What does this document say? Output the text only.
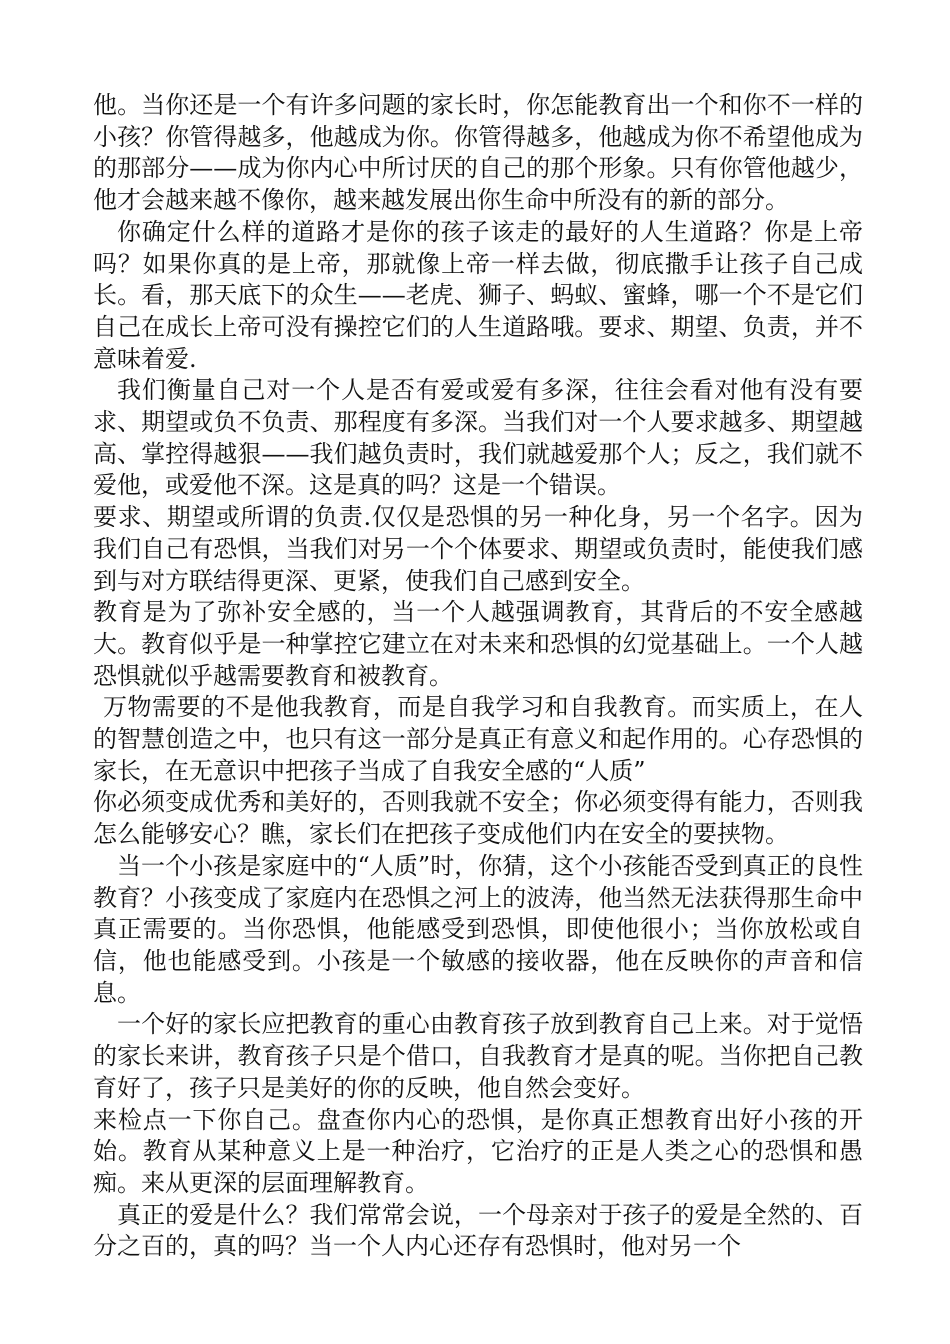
他。当你还是一个有许多问题的家长时，你怎能教育出一个和你不一样的小孩？你管得越多，他越成为你。你管得越多，他越成为你不希望他成为的那部分——成为你内心中所讨厌的自己的那个形象。只有你管他越少，他才会越来越不像你，越来越发展出你生命中所没有的新的部分。

你确定什么样的道路才是你的孩子该走的最好的人生道路？你是上帝吗？如果你真的是上帝，那就像上帝一样去做，彻底撒手让孩子自己成长。看，那天底下的众生——老虎、狮子、蚂蚁、蜜蜂，哪一个不是它们自己在成长上帝可没有操控它们的人生道路哦。要求、期望、负责，并不意味着爱.

我们衡量自己对一个人是否有爱或爱有多深，往往会看对他有没有要求、期望或负不负责、那程度有多深。当我们对一个人要求越多、期望越高、掌控得越狠——我们越负责时，我们就越爱那个人；反之，我们就不爱他，或爱他不深。这是真的吗？这是一个错误。

要求、期望或所谓的负责.仅仅是恐惧的另一种化身，另一个名字。因为我们自己有恐惧，当我们对另一个个体要求、期望或负责时，能使我们感到与对方联结得更深、更紧，使我们自己感到安全。

教育是为了弥补安全感的，当一个人越强调教育，其背后的不安全感越大。教育似乎是一种掌控它建立在对未来和恐惧的幻觉基础上。一个人越恐惧就似乎越需要教育和被教育。

万物需要的不是他我教育，而是自我学习和自我教育。而实质上，在人的智慧创造之中，也只有这一部分是真正有意义和起作用的。心存恐惧的家长，在无意识中把孩子当成了自我安全感的“人质”

你必须变成优秀和美好的，否则我就不安全；你必须变得有能力，否则我怎么能够安心？瞧，家长们在把孩子变成他们内在安全的要挟物。

当一个小孩是家庭中的“人质”时，你猜，这个小孩能否受到真正的良性教育？小孩变成了家庭内在恐惧之河上的波涛，他当然无法获得那生命中真正需要的。当你恐惧，他能感受到恐惧，即使他很小；当你放松或自信，他也能感受到。小孩是一个敏感的接收器，他在反映你的声音和信息。

一个好的家长应把教育的重心由教育孩子放到教育自己上来。对于觉悟的家长来讲，教育孩子只是个借口，自我教育才是真的呢。当你把自己教育好了，孩子只是美好的你的反映，他自然会变好。

来检点一下你自己。盘查你内心的恐惧，是你真正想教育出好小孩的开始。教育从某种意义上是一种治疗，它治疗的正是人类之心的恐惧和愚痴。来从更深的层面理解教育。

真正的爱是什么？我们常常会说，一个母亲对于孩子的爱是全然的、百分之百的，真的吗？当一个人内心还存有恐惧时，他对另一个
